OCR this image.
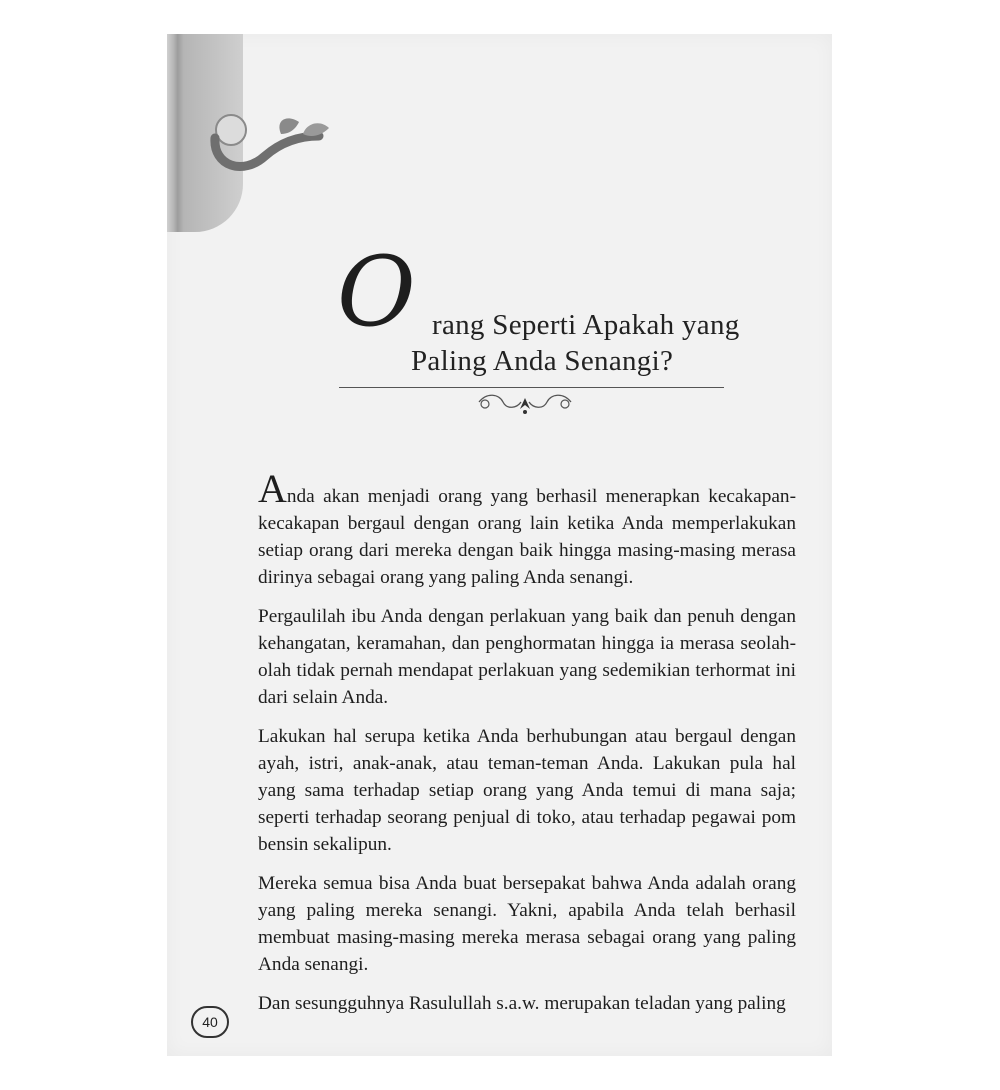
O rang Seperti Apakah yang
Paling Anda Senangi?

Anda akan menjadi orang yang berhasil menerapkan kecakapan-kecakapan bergaul dengan orang lain ketika Anda memperlakukan setiap orang dari mereka dengan baik hingga masing-masing merasa dirinya sebagai orang yang paling Anda senangi.

Pergaulilah ibu Anda dengan perlakuan yang baik dan penuh dengan kehangatan, keramahan, dan penghormatan hingga ia merasa seolah-olah tidak pernah mendapat perlakuan yang sedemikian terhormat ini dari selain Anda.

Lakukan hal serupa ketika Anda berhubungan atau bergaul dengan ayah, istri, anak-anak, atau teman-teman Anda. Lakukan pula hal yang sama terhadap setiap orang yang Anda temui di mana saja; seperti terhadap seorang penjual di toko, atau terhadap pegawai pom bensin sekalipun.

Mereka semua bisa Anda buat bersepakat bahwa Anda adalah orang yang paling mereka senangi. Yakni, apabila Anda telah berhasil membuat masing-masing mereka merasa sebagai orang yang paling Anda senangi.

Dan sesungguhnya Rasulullah s.a.w. merupakan teladan yang paling

40
